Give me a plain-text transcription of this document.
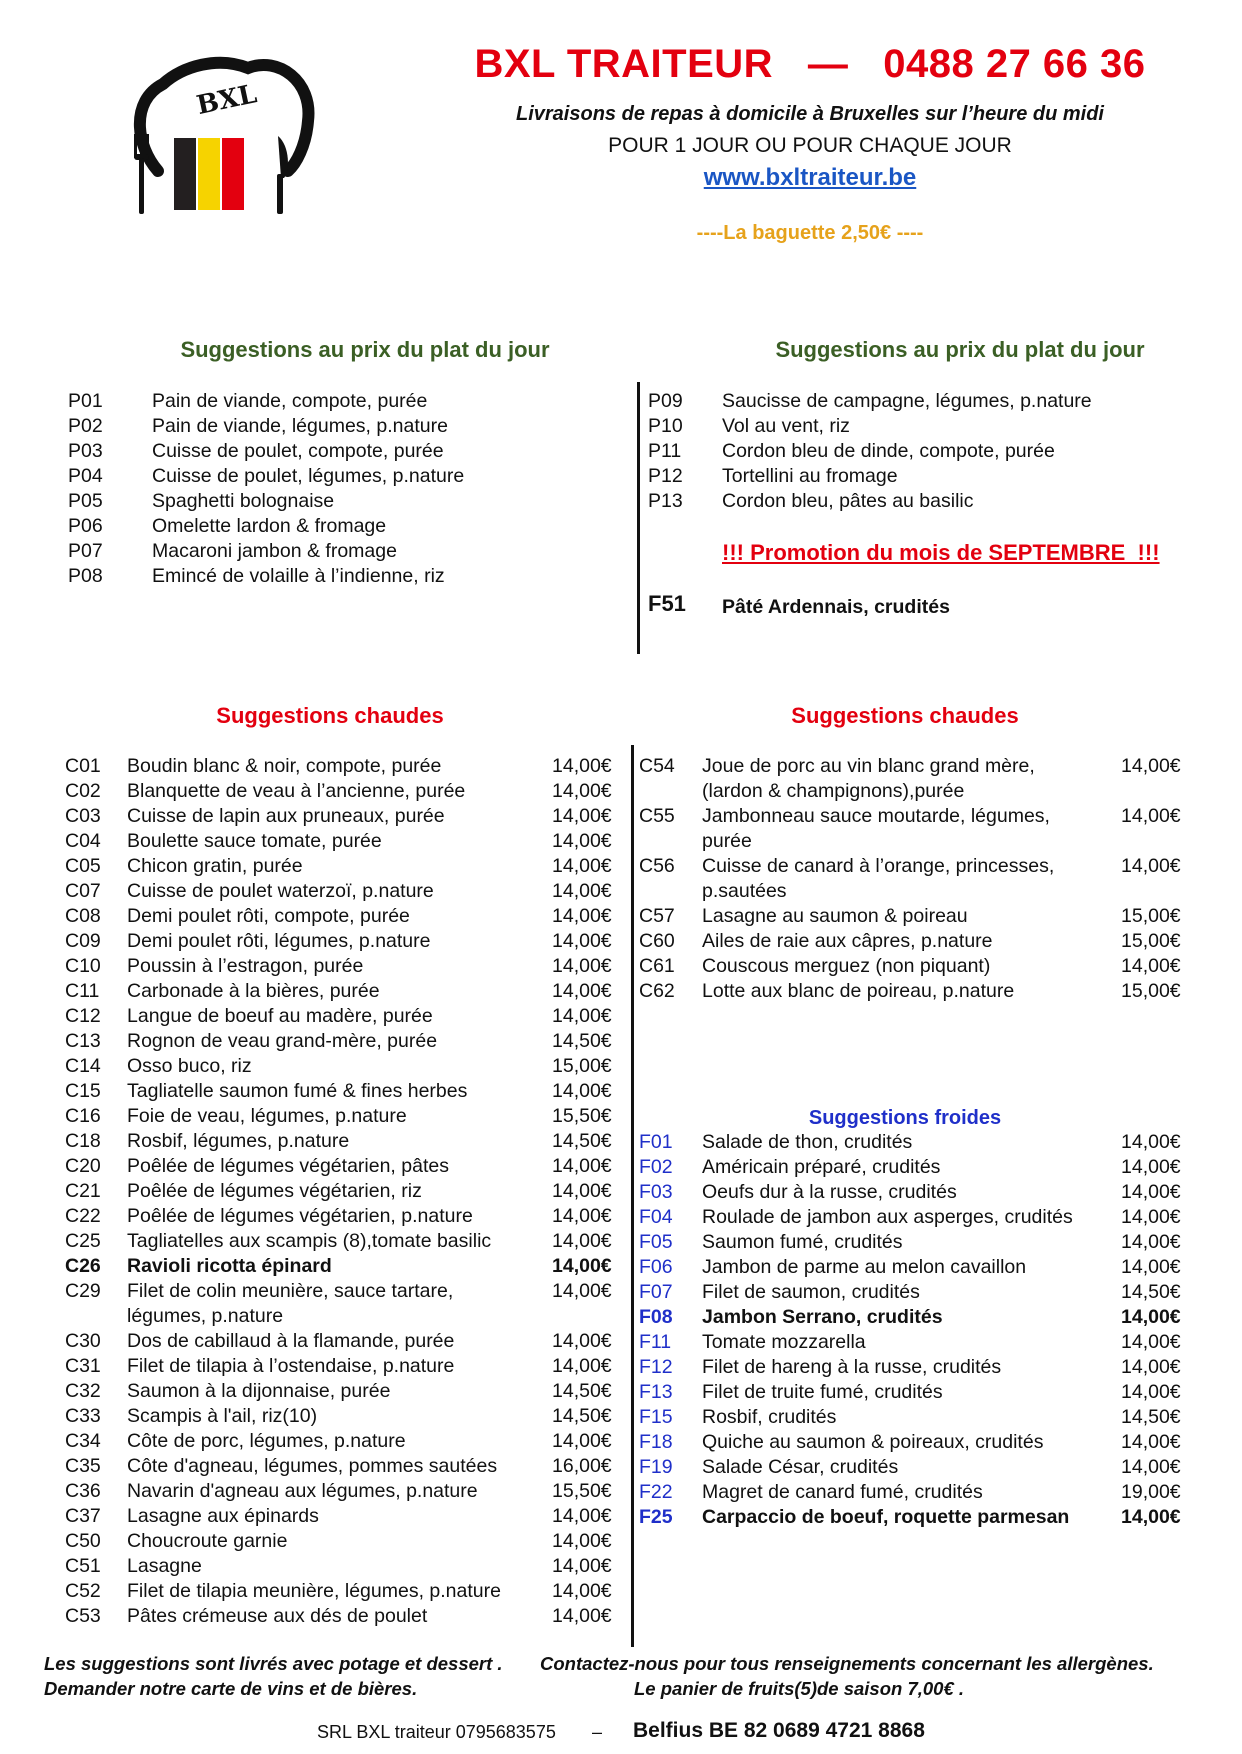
BXL
BXL TRAITEUR   —   0488 27 66 36
Livraisons de repas à domicile à Bruxelles sur l’heure du midi
POUR 1 JOUR OU POUR CHAQUE JOUR
www.bxltraiteur.be
----La baguette 2,50€ ----
Suggestions au prix du plat du jour	Suggestions au prix du plat du jour
P01	Pain de viande, compote, purée
P02	Pain de viande, légumes, p.nature
P03	Cuisse de poulet, compote, purée
P04	Cuisse de poulet, légumes, p.nature
P05	Spaghetti bolognaise
P06	Omelette lardon & fromage
P07	Macaroni jambon & fromage
P08	Emincé de volaille à l’indienne, riz
P09 Saucisse de campagne, légumes, p.nature
P10 Vol au vent, riz
P11 Cordon bleu de dinde, compote, purée
P12 Tortellini au fromage
P13 Cordon bleu, pâtes au basilic
!!! Promotion du mois de SEPTEMBRE  !!!
F51 Pâté Ardennais, crudités
Suggestions chaudes	Suggestions chaudes
C01 Boudin blanc & noir, compote, purée	14,00€
C02 Blanquette de veau à l’ancienne, purée	14,00€
C03 Cuisse de lapin aux pruneaux, purée	14,00€
C04 Boulette sauce tomate, purée	14,00€
C05 Chicon gratin, purée	14,00€
C07 Cuisse de poulet waterzoï, p.nature	14,00€
C08 Demi poulet rôti, compote, purée	14,00€
C09 Demi poulet rôti, légumes, p.nature	14,00€
C10 Poussin à l’estragon, purée	14,00€
C11 Carbonade à la bières, purée	14,00€
C12 Langue de boeuf au madère, purée	14,00€
C13 Rognon de veau grand-mère, purée	14,50€
C14 Osso buco, riz	15,00€
C15 Tagliatelle saumon fumé & fines herbes	14,00€
C16 Foie de veau, légumes, p.nature	15,50€
C18 Rosbif, légumes, p.nature	14,50€
C20 Poêlée de légumes végétarien, pâtes	14,00€
C21 Poêlée de légumes végétarien, riz	14,00€
C22 Poêlée de légumes végétarien, p.nature	14,00€
C25 Tagliatelles aux scampis (8),tomate basilic	14,00€
C26 Ravioli ricotta épinard	14,00€
C29 Filet de colin meunière, sauce tartare,
légumes, p.nature
14,00€
C30 Dos de cabillaud à la flamande, purée	14,00€
C31 Filet de tilapia à l’ostendaise, p.nature	14,00€
C32 Saumon à la dijonnaise, purée	14,50€
C33 Scampis à l'ail, riz(10)	14,50€
C34 Côte de porc, légumes, p.nature	14,00€
C35 Côte d'agneau, légumes, pommes sautées	16,00€
C36 Navarin d'agneau aux légumes, p.nature	15,50€
C37 Lasagne aux épinards	14,00€
C50 Choucroute garnie	14,00€
C51 Lasagne	14,00€
C52 Filet de tilapia meunière, légumes, p.nature	14,00€
C53 Pâtes crémeuse aux dés de poulet	14,00€
C54 Joue de porc au vin blanc grand mère,
(lardon & champignons),purée
14,00€
C55 Jambonneau sauce moutarde, légumes,
purée
14,00€
C56 Cuisse de canard à l’orange, princesses,
p.sautées
14,00€
C57 Lasagne au saumon & poireau	15,00€
C60 Ailes de raie aux câpres, p.nature	15,00€
C61 Couscous merguez (non piquant)	14,00€
C62 Lotte aux blanc de poireau, p.nature	15,00€
Suggestions froides
F01 Salade de thon, crudités	14,00€
F02 Américain préparé, crudités	14,00€
F03 Oeufs dur à la russe, crudités	14,00€
F04 Roulade de jambon aux asperges, crudités 14,00€
F05 Saumon fumé, crudités	14,00€
F06 Jambon de parme au melon cavaillon	14,00€
F07 Filet de saumon, crudités	14,50€
F08 Jambon Serrano, crudités	14,00€
F11 Tomate mozzarella	14,00€
F12 Filet de hareng à la russe, crudités	14,00€
F13 Filet de truite fumé, crudités	14,00€
F15 Rosbif, crudités	14,50€
F18 Quiche au saumon & poireaux, crudités	14,00€
F19 Salade César, crudités	14,00€
F22 Magret de canard fumé, crudités	19,00€
F25 Carpaccio de boeuf, roquette parmesan	14,00€
Les suggestions sont livrés avec potage et dessert .
Demander notre carte de vins et de bières.
Contactez-nous pour tous renseignements concernant les allergènes.
Le panier de fruits(5)de saison 7,00€ .
SRL BXL traiteur 0795683575 – Belfius BE 82 0689 4721 8868
